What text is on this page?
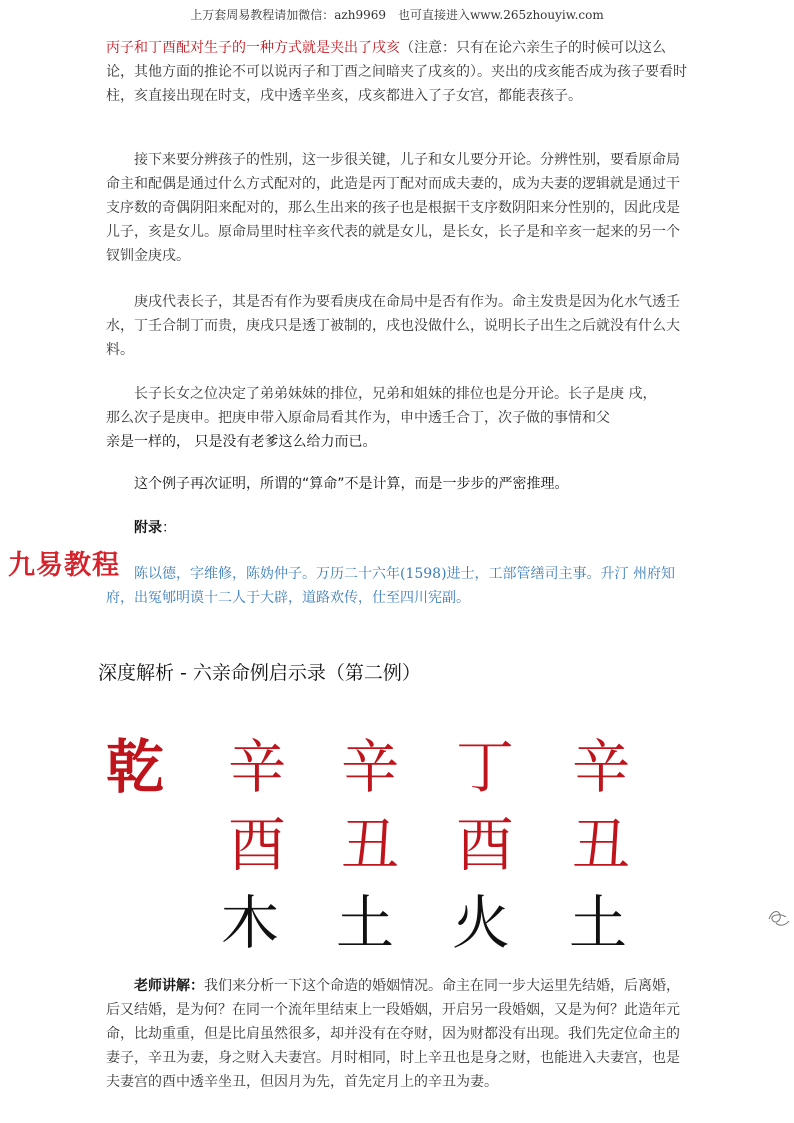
上万套周易教程请加微信：azh9969　也可直接进入www.265zhouyiw.com

丙子和丁酉配对生子的一种方式就是夹出了戌亥（注意：只有在论六亲生子的时候可以这么论，其他方面的推论不可以说丙子和丁酉之间暗夹了戌亥的）。夹出的戌亥能否成为孩子要看时柱，亥直接出现在时支，戌中透辛坐亥，戌亥都进入了子女宫，都能表孩子。

接下来要分辨孩子的性别，这一步很关键，儿子和女儿要分开论。分辨性别，要看原命局命主和配偶是通过什么方式配对的，此造是丙丁配对而成夫妻的，成为夫妻的逻辑就是通过干支序数的奇偶阴阳来配对的，那么生出来的孩子也是根据干支序数阴阳来分性别的，因此戌是儿子，亥是女儿。原命局里时柱辛亥代表的就是女儿，是长女，长子是和辛亥一起来的另一个钗钏金庚戌。

庚戌代表长子，其是否有作为要看庚戌在命局中是否有作为。命主发贵是因为化水气透壬水，丁壬合制丁而贵，庚戌只是透丁被制的，戌也没做什么，说明长子出生之后就没有什么大料。

长子长女之位决定了弟弟妹妹的排位，兄弟和姐妹的排位也是分开论。长子是庚 戌，
那么次子是庚申。把庚申带入原命局看其作为，申中透壬合丁，次子做的事情和父
亲是一样的， 只是没有老爹这么给力而已。

这个例子再次证明，所谓的“算命”不是计算，而是一步步的严密推理。

附录：

陈以德，字维修，陈妫仲子。万历二十六年(1598)进士，工部管缮司主事。升汀 州府知府，出冤郇明谟十二人于大辟，道路欢传，仕至四川宪副。

九易教程
深度解析 - 六亲命例启示录（第二例）
乾 辛 辛 丁 辛
酉 丑 酉 丑
木 土 火 土

老师讲解：我们来分析一下这个命造的婚姻情况。命主在同一步大运里先结婚，后离婚，后又结婚，是为何？在同一个流年里结束上一段婚姻，开启另一段婚姻，又是为何？此造年元命，比劫重重，但是比肩虽然很多，却并没有在夺财，因为财都没有出现。我们先定位命主的妻子，辛丑为妻，身之财入夫妻宫。月时相同，时上辛丑也是身之财，也能进入夫妻宫，也是夫妻宫的酉中透辛坐丑，但因月为先，首先定月上的辛丑为妻。
